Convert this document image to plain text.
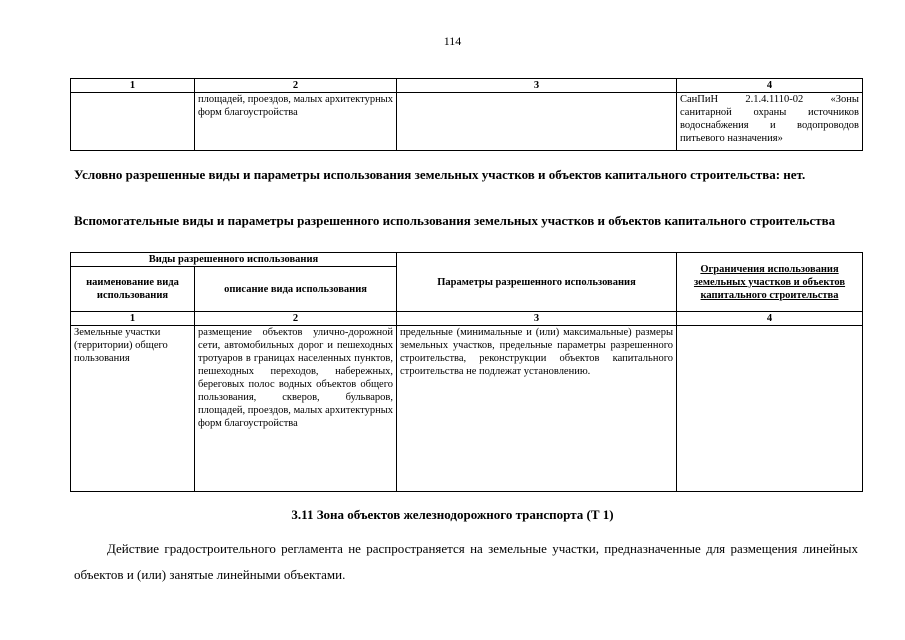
114
1	2	3	4
	площадей, проездов, малых архитектурных форм благоустройства		СанПиН 2.1.4.1110-02 «Зоны санитарной охраны источников водоснабжения и водопроводов питьевого назначения»
Условно разрешенные виды и параметры использования земельных участков и объектов капитального строительства: нет.
Вспомогательные виды и параметры разрешенного использования земельных участков и объектов капитального строительства
Виды разрешенного использования		Параметры разрешенного использования	Ограничения использования земельных участков и объектов капитального строительства
наименование вида использования	описание вида использования		
1	2	3	4
Земельные участки (территории) общего пользования	размещение объектов улично-дорожной сети, автомобильных дорог и пешеходных тротуаров в границах населенных пунктов, пешеходных переходов, набережных, береговых полос водных объектов общего пользования, скверов, бульваров, площадей, проездов, малых архитектурных форм благоустройства	предельные (минимальные и (или) максимальные) размеры земельных участков, предельные параметры разрешенного строительства, реконструкции объектов капитального строительства не подлежат установлению.	
3.11 Зона объектов железнодорожного транспорта (Т 1)
Действие градостроительного регламента не распространяется на земельные участки, предназначенные для размещения линейных объектов и (или) занятые линейными объектами.
